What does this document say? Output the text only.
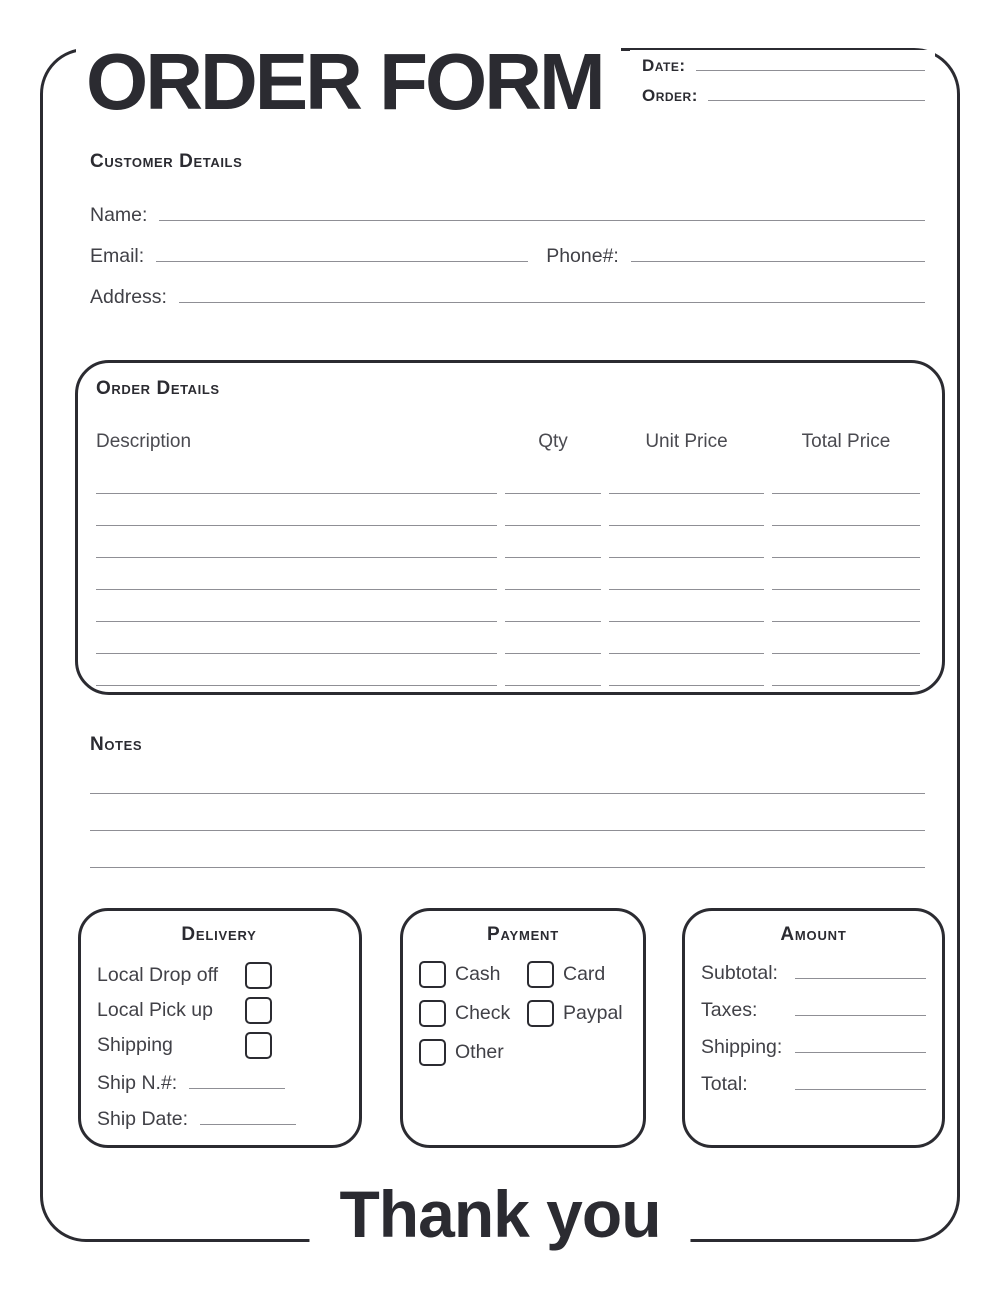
ORDER FORM	Date:
Order:
Customer Details
Name:
Email:	Phone#:
Address:
Order Details
Description	Qty	Unit Price	Total Price
Notes
Delivery
Local Drop off
Local Pick up
Shipping
Ship N.#:
Ship Date:
Payment
Cash	Card
Check	Paypal
Other
Amount
Subtotal:
Taxes:
Shipping:
Total:
Thank you
